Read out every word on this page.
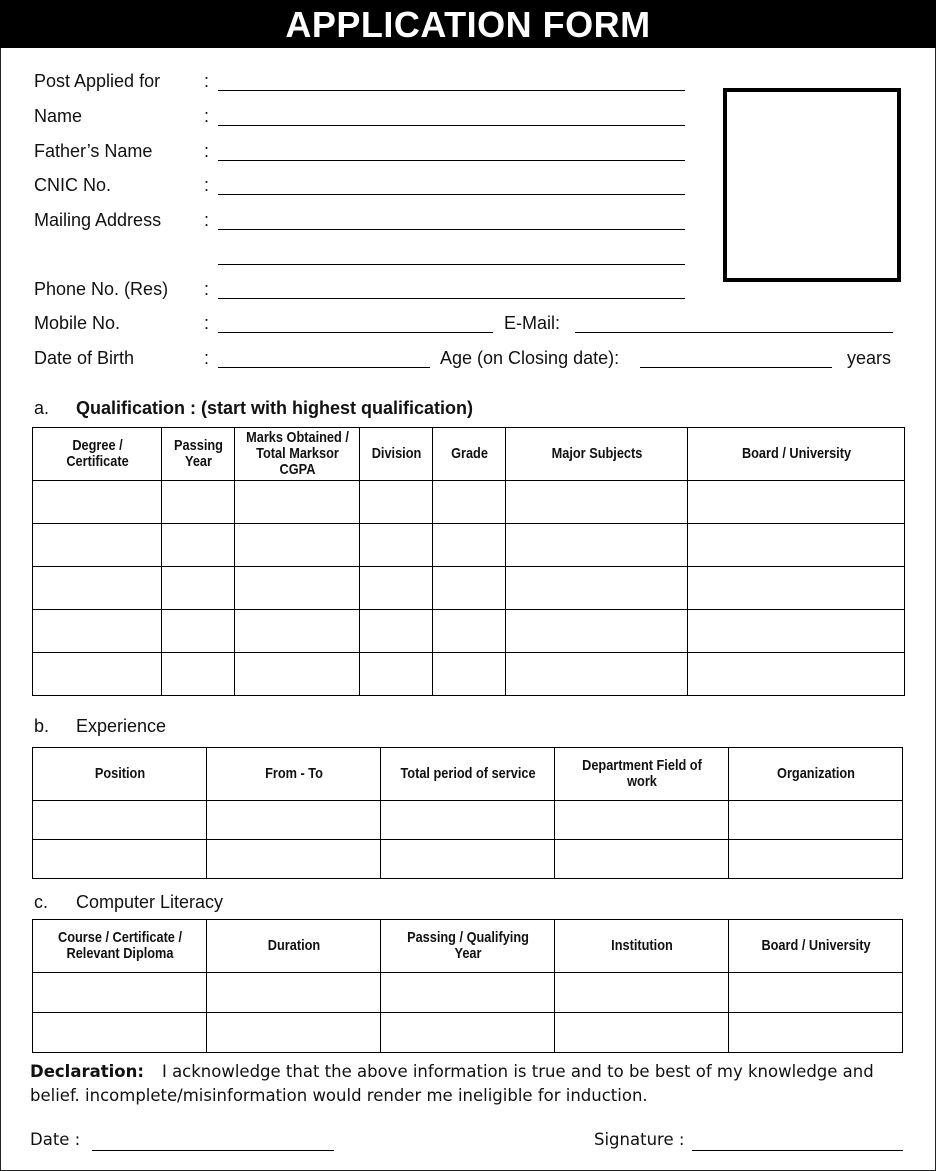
APPLICATION FORM
Post Applied for :
Name	:
Father’s Name	:
CNIC No.	:
Mailing Address :
Phone No. (Res) :
Mobile No.	:	E-Mail:
Date of Birth	:	Age (on Closing date):	years
a. Qualification : (start with highest qualification)
Degree / Certificate	Passing Year	Marks Obtained / Total Marksor CGPA	Division	Grade	Major Subjects	Board / University

b. Experience
Position	From - To	Total period of service	Department Field of work	Organization

c. Computer Literacy
Course / Certificate / Relevant Diploma	Duration	Passing / Qualifying Year	Institution	Board / University

Declaration: I acknowledge that the above information is true and to be best of my knowledge and belief. incomplete/misinformation would render me ineligible for induction.
Date :	Signature :
